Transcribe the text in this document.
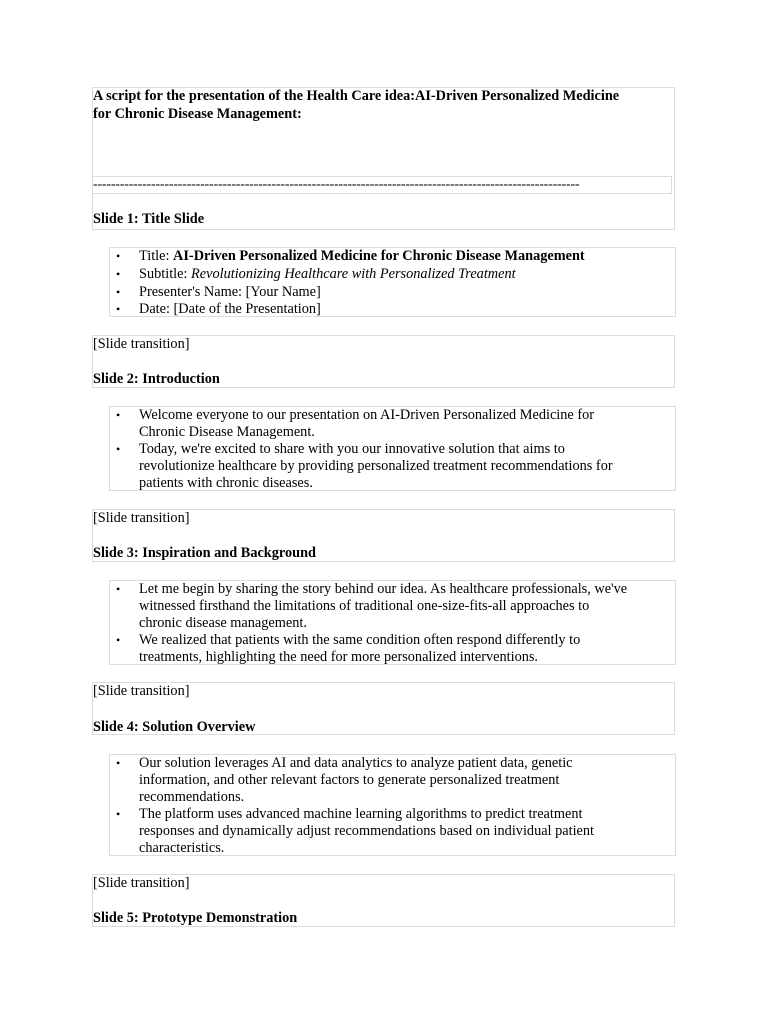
A script for the presentation of the Health Care idea:AI-Driven Personalized Medicine
for Chronic Disease Management:
Slide 1: Title Slide
-------------------------------------------------------------------------------------------------------------
• Title: AI-Driven Personalized Medicine for Chronic Disease Management
• Subtitle: Revolutionizing Healthcare with Personalized Treatment
• Presenter's Name: [Your Name]
• Date: [Date of the Presentation]
[Slide transition]
Slide 2: Introduction
• Welcome everyone to our presentation on AI-Driven Personalized Medicine for
Chronic Disease Management.
• Today, we're excited to share with you our innovative solution that aims to
revolutionize healthcare by providing personalized treatment recommendations for
patients with chronic diseases.
[Slide transition]
Slide 3: Inspiration and Background
• Let me begin by sharing the story behind our idea. As healthcare professionals, we've
witnessed firsthand the limitations of traditional one-size-fits-all approaches to
chronic disease management.
• We realized that patients with the same condition often respond differently to
treatments, highlighting the need for more personalized interventions.
[Slide transition]
Slide 4: Solution Overview
• Our solution leverages AI and data analytics to analyze patient data, genetic
information, and other relevant factors to generate personalized treatment
recommendations.
• The platform uses advanced machine learning algorithms to predict treatment
responses and dynamically adjust recommendations based on individual patient
characteristics.
[Slide transition]
Slide 5: Prototype Demonstration
